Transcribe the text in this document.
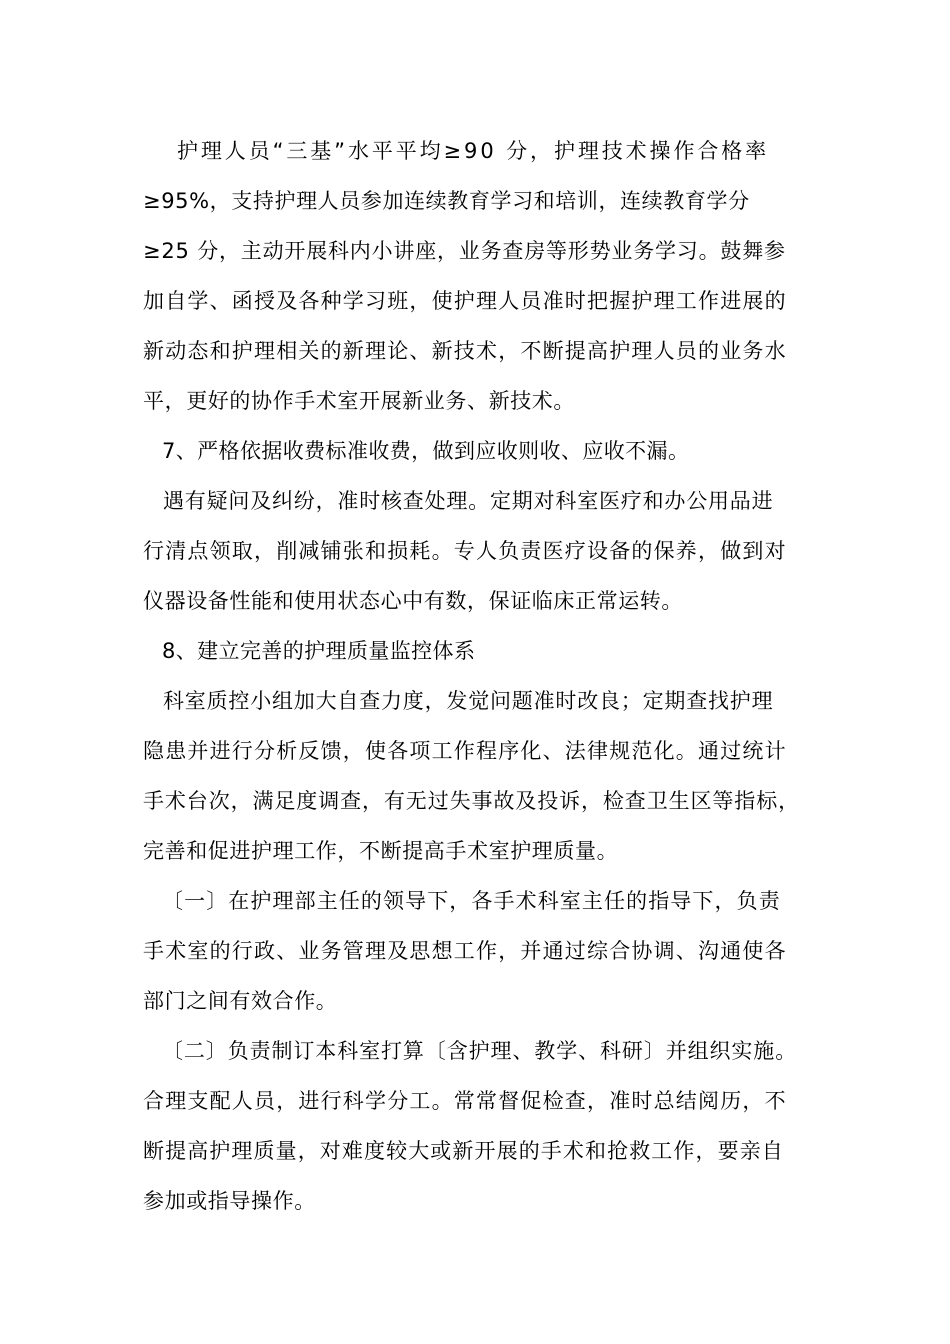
护理人员“三基”水平平均≥90 分，护理技术操作合格率
≥95%，支持护理人员参加连续教育学习和培训，连续教育学分
≥25 分，主动开展科内小讲座，业务查房等形势业务学习。鼓舞参
加自学、函授及各种学习班，使护理人员准时把握护理工作进展的
新动态和护理相关的新理论、新技术，不断提高护理人员的业务水
平，更好的协作手术室开展新业务、新技术。
7、严格依据收费标准收费，做到应收则收、应收不漏。
遇有疑问及纠纷，准时核查处理。定期对科室医疗和办公用品进
行清点领取，削减铺张和损耗。专人负责医疗设备的保养，做到对
仪器设备性能和使用状态心中有数，保证临床正常运转。
8、建立完善的护理质量监控体系
科室质控小组加大自查力度，发觉问题准时改良；定期查找护理
隐患并进行分析反馈，使各项工作程序化、法律规范化。通过统计
手术台次，满足度调查，有无过失事故及投诉，检查卫生区等指标，
完善和促进护理工作，不断提高手术室护理质量。
〔一〕在护理部主任的领导下，各手术科室主任的指导下，负责
手术室的行政、业务管理及思想工作，并通过综合协调、沟通使各
部门之间有效合作。
〔二〕负责制订本科室打算〔含护理、教学、科研〕并组织实施。
合理支配人员，进行科学分工。常常督促检查，准时总结阅历，不
断提高护理质量，对难度较大或新开展的手术和抢救工作，要亲自
参加或指导操作。
